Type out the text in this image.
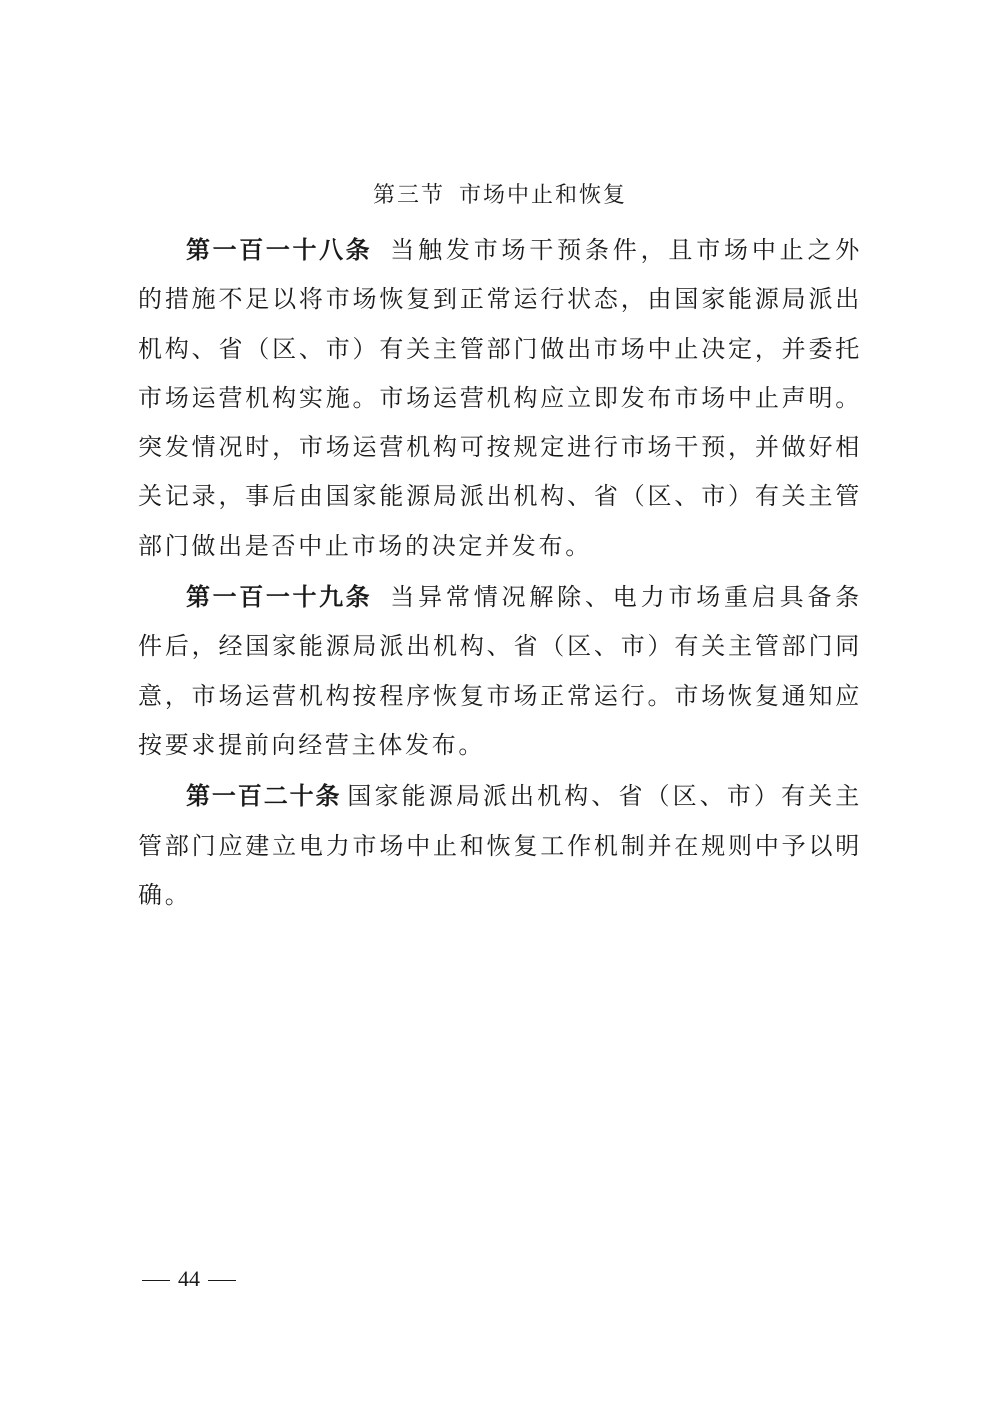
第三节 市场中止和恢复

第一百一十八条 当触发市场干预条件，且市场中止之外的措施不足以将市场恢复到正常运行状态，由国家能源局派出机构、省（区、市）有关主管部门做出市场中止决定，并委托市场运营机构实施。市场运营机构应立即发布市场中止声明。突发情况时，市场运营机构可按规定进行市场干预，并做好相关记录，事后由国家能源局派出机构、省（区、市）有关主管部门做出是否中止市场的决定并发布。

第一百一十九条 当异常情况解除、电力市场重启具备条件后，经国家能源局派出机构、省（区、市）有关主管部门同意，市场运营机构按程序恢复市场正常运行。市场恢复通知应按要求提前向经营主体发布。

第一百二十条 国家能源局派出机构、省（区、市）有关主管部门应建立电力市场中止和恢复工作机制并在规则中予以明确。

44
